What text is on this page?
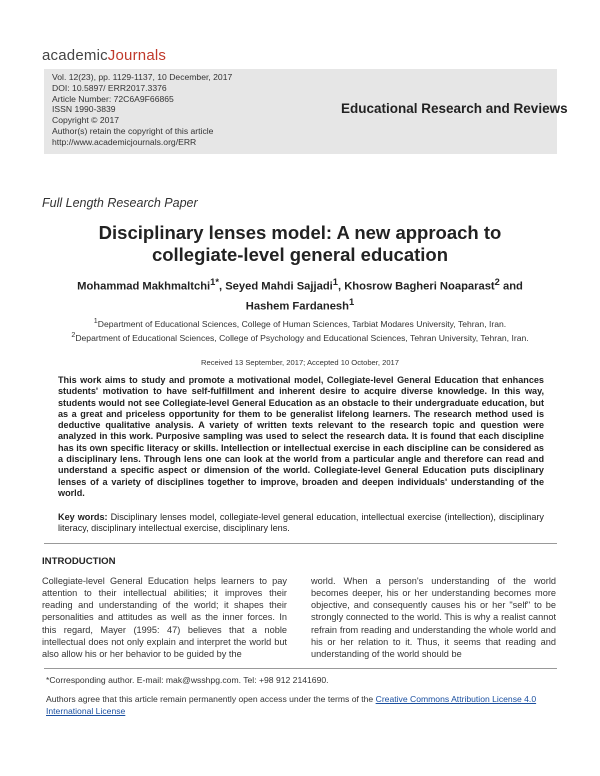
academicJournals
Vol. 12(23), pp. 1129-1137, 10 December, 2017
DOI: 10.5897/ ERR2017.3376
Article Number: 72C6A9F66865
ISSN 1990-3839
Copyright © 2017
Author(s) retain the copyright of this article
http://www.academicjournals.org/ERR
Educational Research and Reviews
Full Length Research Paper
Disciplinary lenses model: A new approach to collegiate-level general education
Mohammad Makhmaltchi$^{1*}$, Seyed Mahdi Sajjadi$^1$, Khosrow Bagheri Noaparast$^2$ and
Hashem Fardanesh$^1$
$^1$Department of Educational Sciences, College of Human Sciences, Tarbiat Modares University, Tehran, Iran.
$^2$Department of Educational Sciences, College of Psychology and Educational Sciences, Tehran University, Tehran, Iran.
Received 13 September, 2017; Accepted 10 October, 2017
This work aims to study and promote a motivational model, Collegiate-level General Education that enhances students' motivation to have self-fulfillment and inherent desire to acquire diverse knowledge. In this way, students would not see Collegiate-level General Education as an obstacle to their undergraduate education, but as a great and priceless opportunity for them to be generalist lifelong learners. The research method used is deductive qualitative analysis. A variety of written texts relevant to the research topic and question were analyzed in this work. Purposive sampling was used to select the research data. It is found that each discipline has its own specific literacy or skills. Intellection or intellectual exercise in each discipline can be considered as a disciplinary lens. Through lens one can look at the world from a particular angle and therefore can read and understand a specific aspect or dimension of the world. Collegiate-level General Education puts disciplinary lenses of a variety of disciplines together to improve, broaden and deepen individuals' understanding of the world.
Key words: Disciplinary lenses model, collegiate-level general education, intellectual exercise (intellection), disciplinary literacy, disciplinary intellectual exercise, disciplinary lens.
INTRODUCTION
Collegiate-level General Education helps learners to pay attention to their intellectual abilities; it improves their reading and understanding of the world; it shapes their personalities and attitudes as well as the inner forces. In this regard, Mayer (1995: 47) believes that a noble intellectual does not only explain and interpret the world but also allow his or her behavior to be guided by the
world. When a person's understanding of the world becomes deeper, his or her understanding becomes more objective, and consequently causes his or her "self" to be strongly connected to the world. This is why a realist cannot refrain from reading and understanding the whole world and his or her relation to it. Thus, it seems that reading and understanding of the world should be
*Corresponding author. E-mail: mak@wsshpg.com. Tel: +98 912 2141690.
Authors agree that this article remain permanently open access under the terms of the Creative Commons Attribution License 4.0 International License
